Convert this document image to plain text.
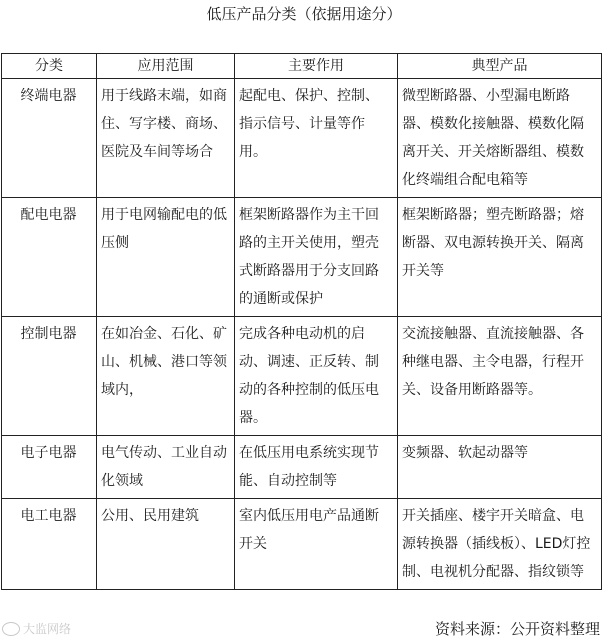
低压产品分类（依据用途分）
分类	应用范围	主要作用	典型产品
终端电器	用于线路末端，如商住、写字楼、商场、医院及车间等场合	起配电、保护、控制、指示信号、计量等作用。	微型断路器、小型漏电断路器、模数化接触器、模数化隔离开关、开关熔断器组、模数化终端组合配电箱等
配电电器	用于电网输配电的低压侧	框架断路器作为主干回路的主开关使用，塑壳式断路器用于分支回路的通断或保护	框架断路器；塑壳断路器；熔断器、双电源转换开关、隔离开关等
控制电器	在如冶金、石化、矿山、机械、港口等领域内，	完成各种电动机的启动、调速、正反转、制动的各种控制的低压电器。	交流接触器、直流接触器、各种继电器、主令电器，行程开关、设备用断路器等。
电子电器	电气传动、工业自动化领域	在低压用电系统实现节能、自动控制等	变频器、软起动器等
电工电器	公用、民用建筑	室内低压用电产品通断开关	开关插座、楼宇开关暗盒、电源转换器（插线板）、LED灯控制、电视机分配器、指纹锁等
大监网络	资料来源：公开资料整理
